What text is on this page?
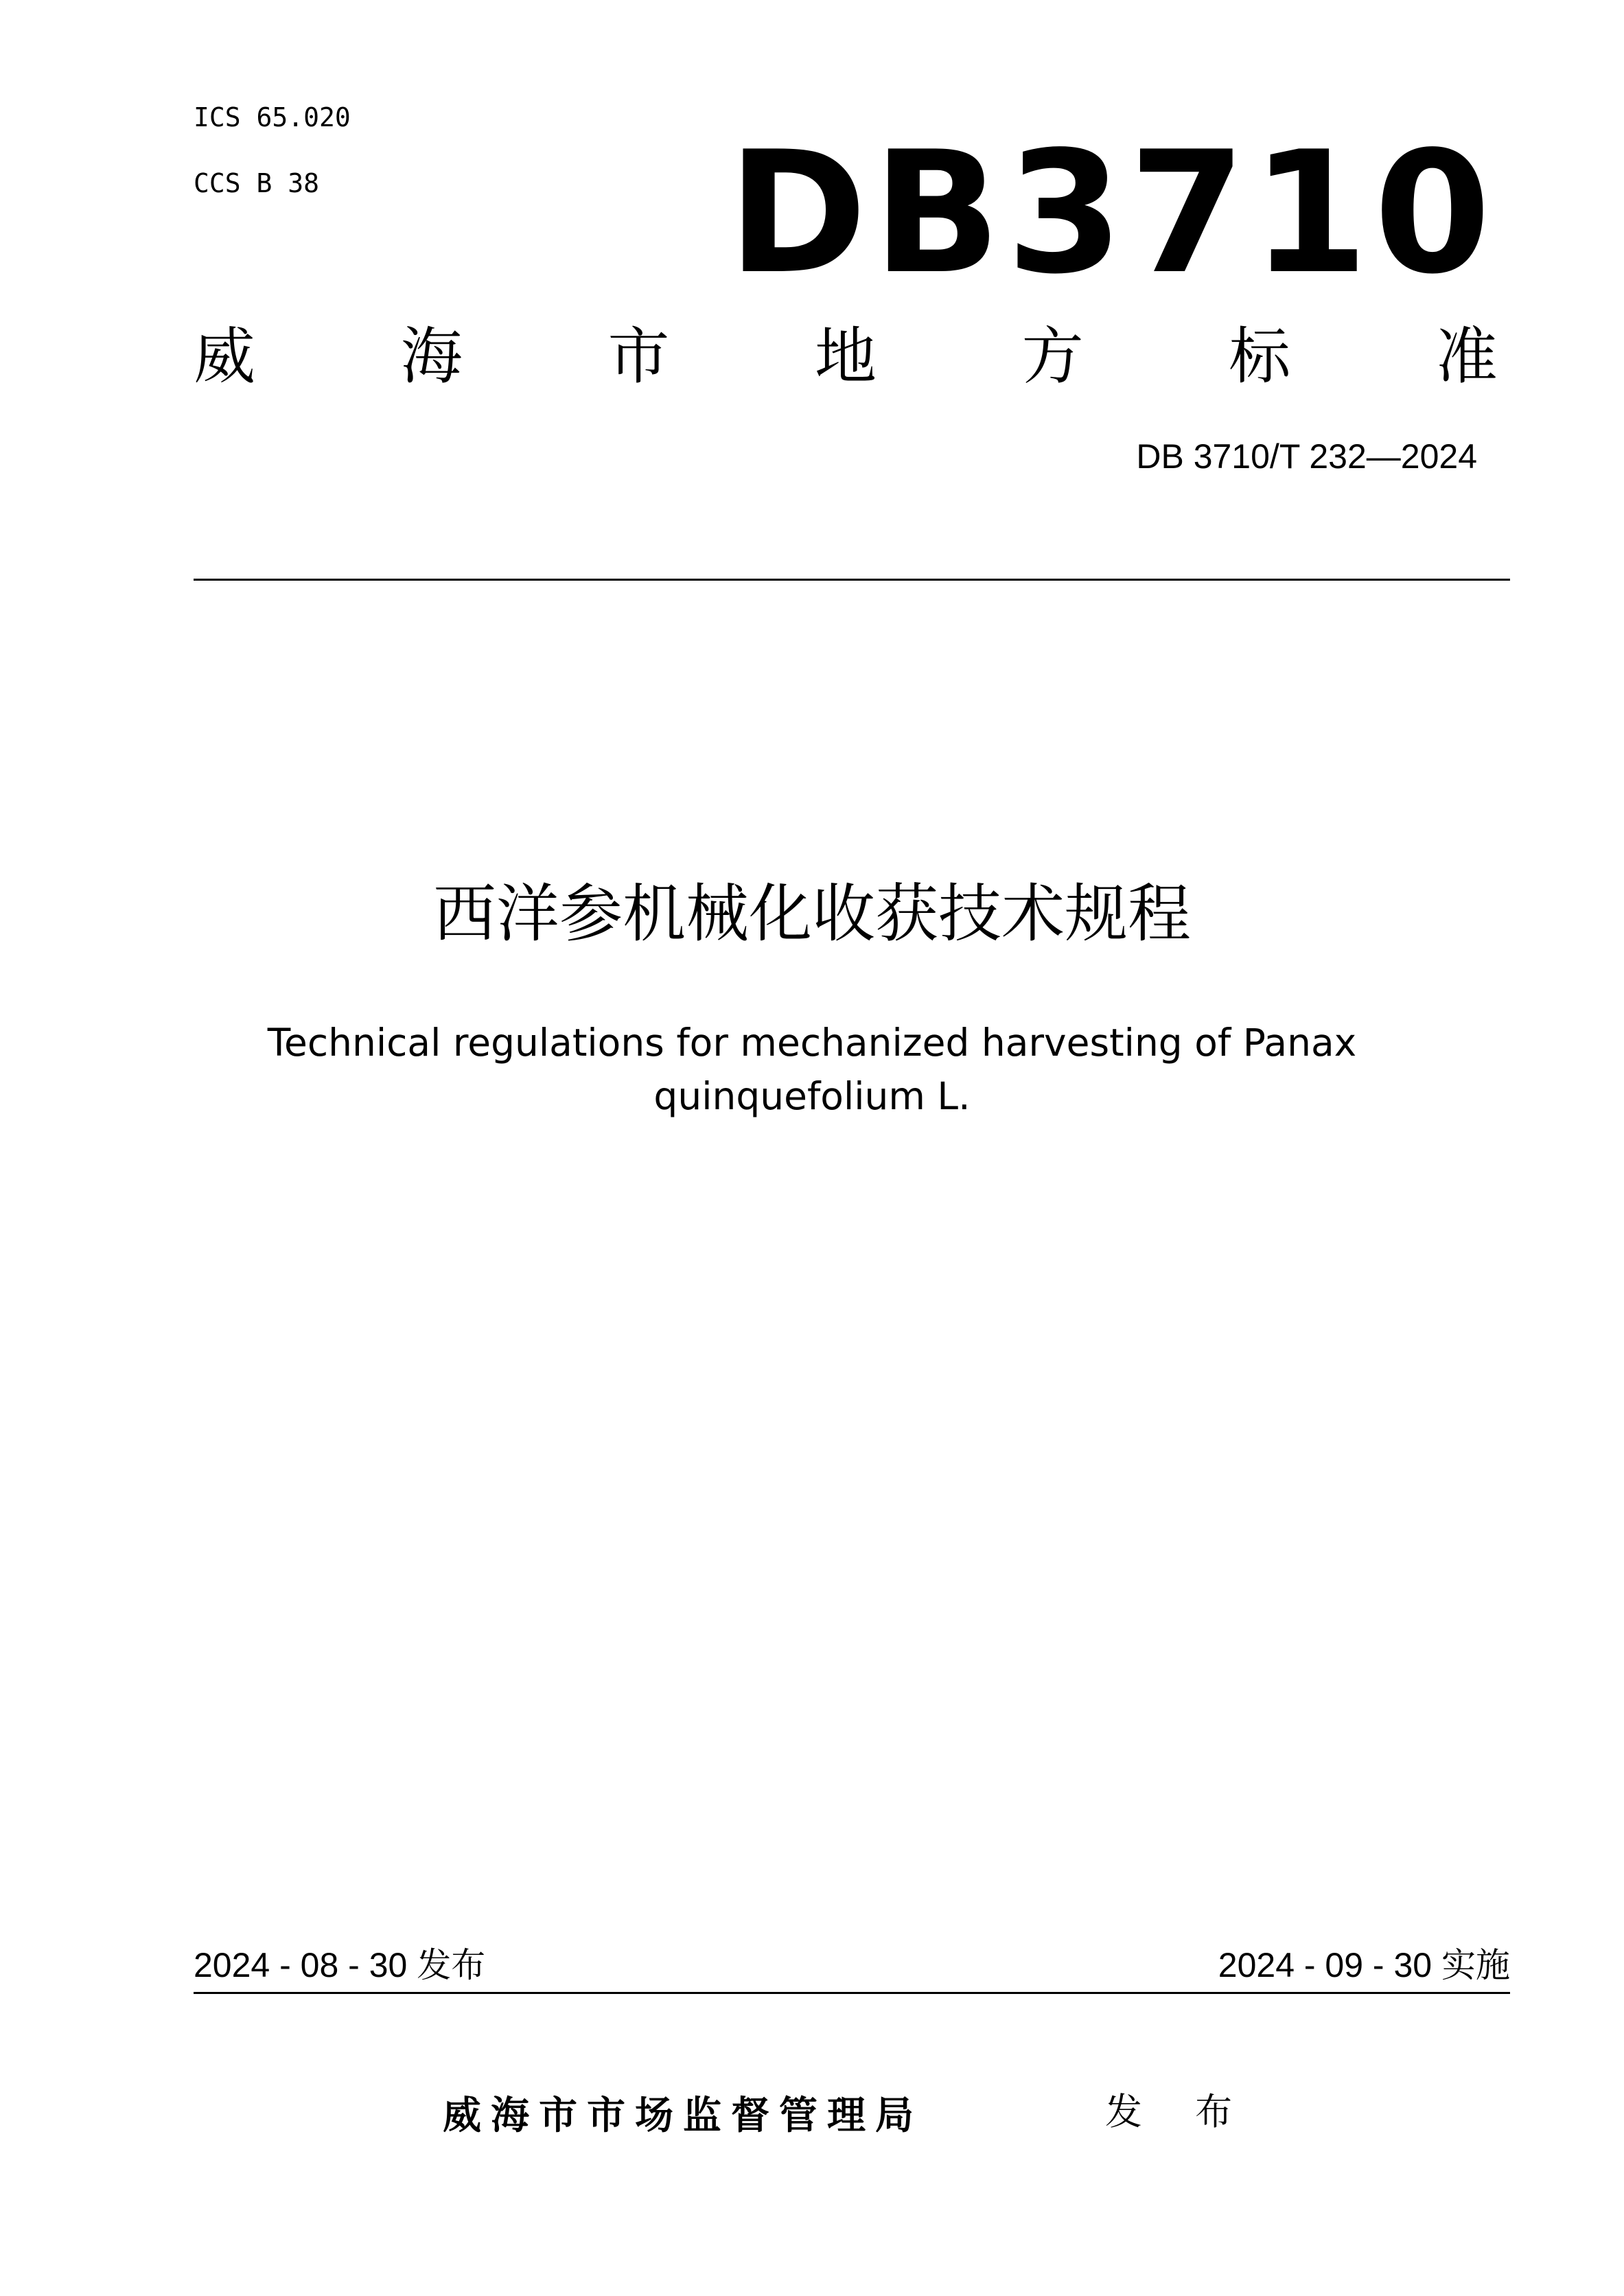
ICS 65.020
CCS B 38 DB3710
威 海 市 地 方 标 准
DB 3710/T 232—2024
西洋参机械化收获技术规程
Technical regulations for mechanized harvesting of Panax
quinquefolium L.
2024 - 08 - 30 发布	2024 - 09 - 30 实施
威海市市场监督管理局	发 布
